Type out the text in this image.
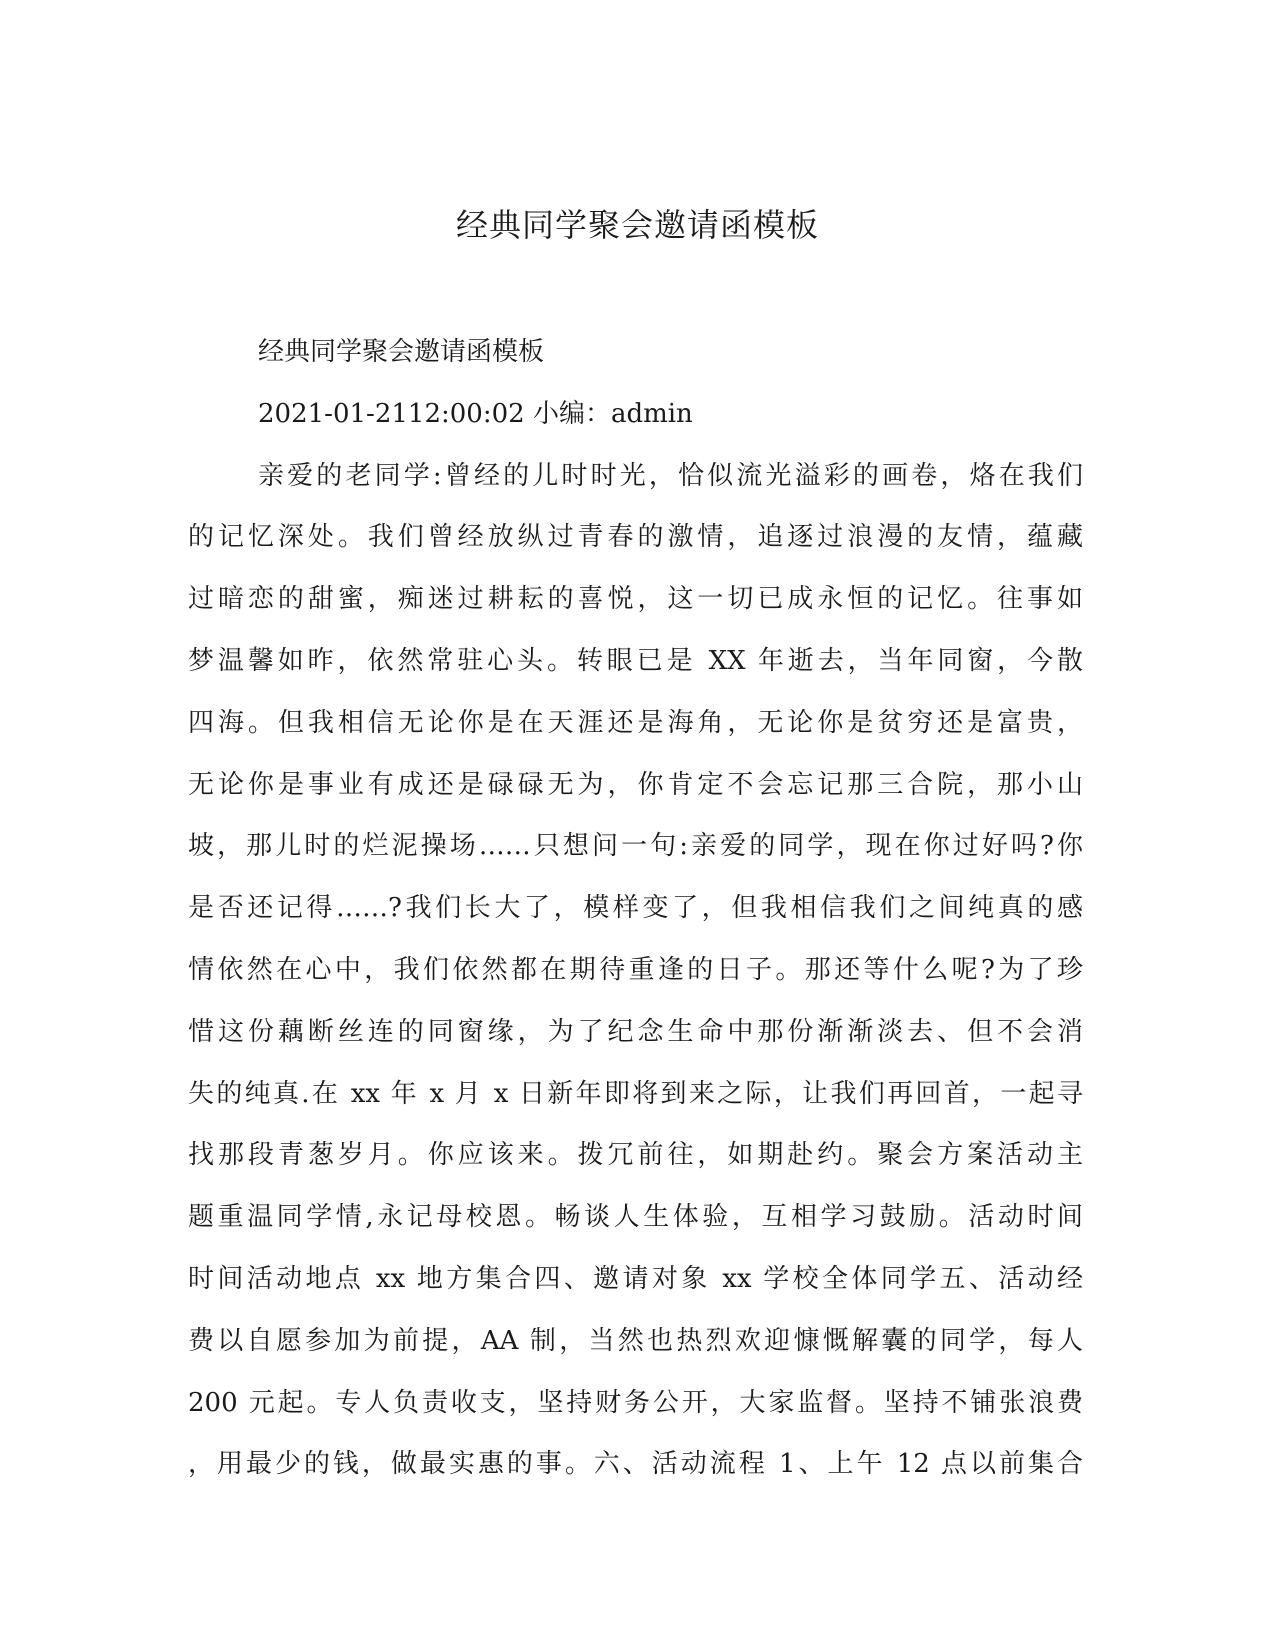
经典同学聚会邀请函模板
经典同学聚会邀请函模板
2021-01-2112:00:02 小编：admin
亲爱的老同学:曾经的儿时时光，恰似流光溢彩的画卷，烙在我们
的记忆深处。我们曾经放纵过青春的激情，追逐过浪漫的友情，蕴藏
过暗恋的甜蜜，痴迷过耕耘的喜悦，这一切已成永恒的记忆。往事如
梦温馨如昨，依然常驻心头。转眼已是 XX 年逝去，当年同窗，今散
四海。但我相信无论你是在天涯还是海角，无论你是贫穷还是富贵，
无论你是事业有成还是碌碌无为，你肯定不会忘记那三合院，那小山
坡，那儿时的烂泥操场……只想问一句:亲爱的同学，现在你过好吗?你
是否还记得……?我们长大了，模样变了，但我相信我们之间纯真的感
情依然在心中，我们依然都在期待重逢的日子。那还等什么呢?为了珍
惜这份藕断丝连的同窗缘，为了纪念生命中那份渐渐淡去、但不会消
失的纯真.在 xx 年 x 月 x 日新年即将到来之际，让我们再回首，一起寻
找那段青葱岁月。你应该来。拨冗前往，如期赴约。聚会方案活动主
题重温同学情,永记母校恩。畅谈人生体验，互相学习鼓励。活动时间
时间活动地点 xx 地方集合四、邀请对象 xx 学校全体同学五、活动经
费以自愿参加为前提，AA 制，当然也热烈欢迎慷慨解囊的同学，每人
200 元起。专人负责收支，坚持财务公开，大家监督。坚持不铺张浪费
，用最少的钱，做最实惠的事。六、活动流程 1、上午 12 点以前集合
